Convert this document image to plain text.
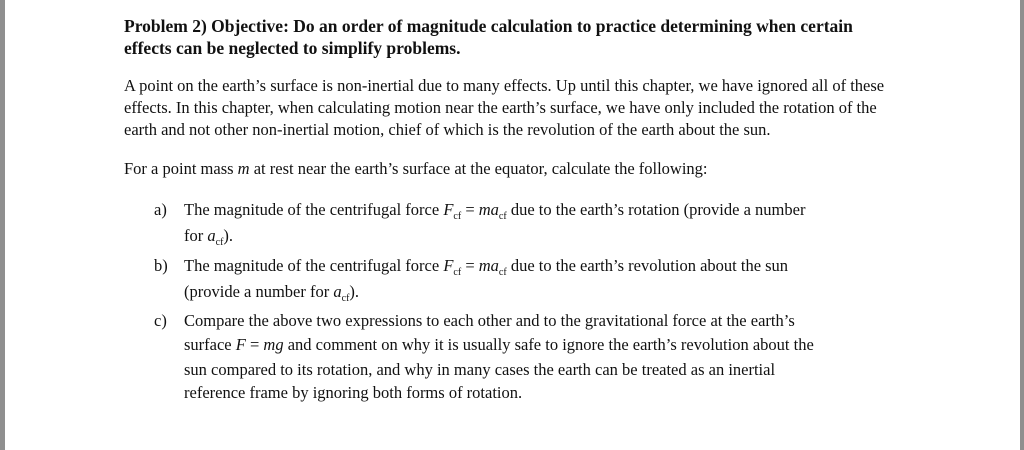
Problem 2) Objective: Do an order of magnitude calculation to practice determining when certain effects can be neglected to simplify problems.

A point on the earth’s surface is non-inertial due to many effects. Up until this chapter, we have ignored all of these effects. In this chapter, when calculating motion near the earth’s surface, we have only included the rotation of the earth and not other non-inertial motion, chief of which is the revolution of the earth about the sun.

For a point mass m at rest near the earth’s surface at the equator, calculate the following:

a) The magnitude of the centrifugal force $F_{cf} = ma_{cf}$ due to the earth’s rotation (provide a number
for $a_{cf}$).
b) The magnitude of the centrifugal force $F_{cf} = ma_{cf}$ due to the earth’s revolution about the sun
(provide a number for $a_{cf}$).
c) Compare the above two expressions to each other and to the gravitational force at the earth’s
surface F = mg and comment on why it is usually safe to ignore the earth’s revolution about the
sun compared to its rotation, and why in many cases the earth can be treated as an inertial
reference frame by ignoring both forms of rotation.
